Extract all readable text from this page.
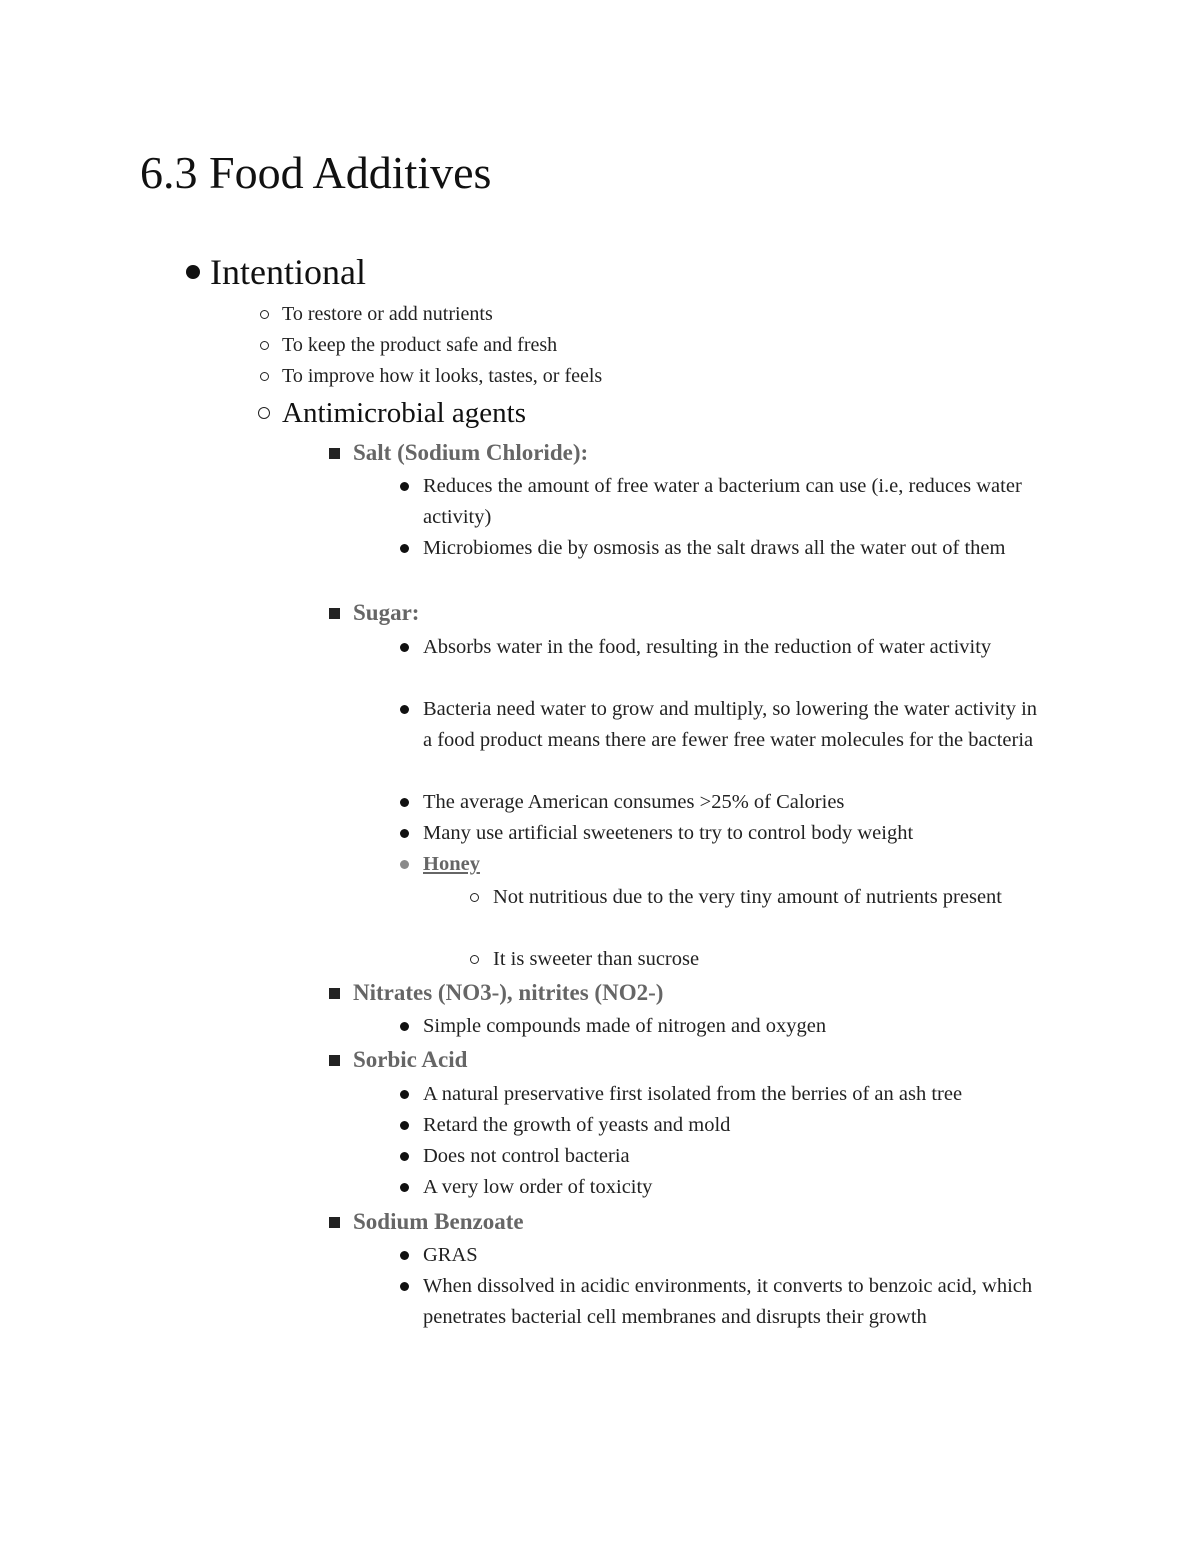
6.3 Food Additives
Intentional
To restore or add nutrients
To keep the product safe and fresh
To improve how it looks, tastes, or feels
Antimicrobial agents
Salt (Sodium Chloride):
Reduces the amount of free water a bacterium can use (i.e, reduces water activity)
Microbiomes die by osmosis as the salt draws all the water out of them
Sugar:
Absorbs water in the food, resulting in the reduction of water activity
Bacteria need water to grow and multiply, so lowering the water activity in a food product means there are fewer free water molecules for the bacteria
The average American consumes >25% of Calories
Many use artificial sweeteners to try to control body weight
Honey
Not nutritious due to the very tiny amount of nutrients present
It is sweeter than sucrose
Nitrates (NO3-), nitrites (NO2-)
Simple compounds made of nitrogen and oxygen
Sorbic Acid
A natural preservative first isolated from the berries of an ash tree
Retard the growth of yeasts and mold
Does not control bacteria
A very low order of toxicity
Sodium Benzoate
GRAS
When dissolved in acidic environments, it converts to benzoic acid, which penetrates bacterial cell membranes and disrupts their growth
